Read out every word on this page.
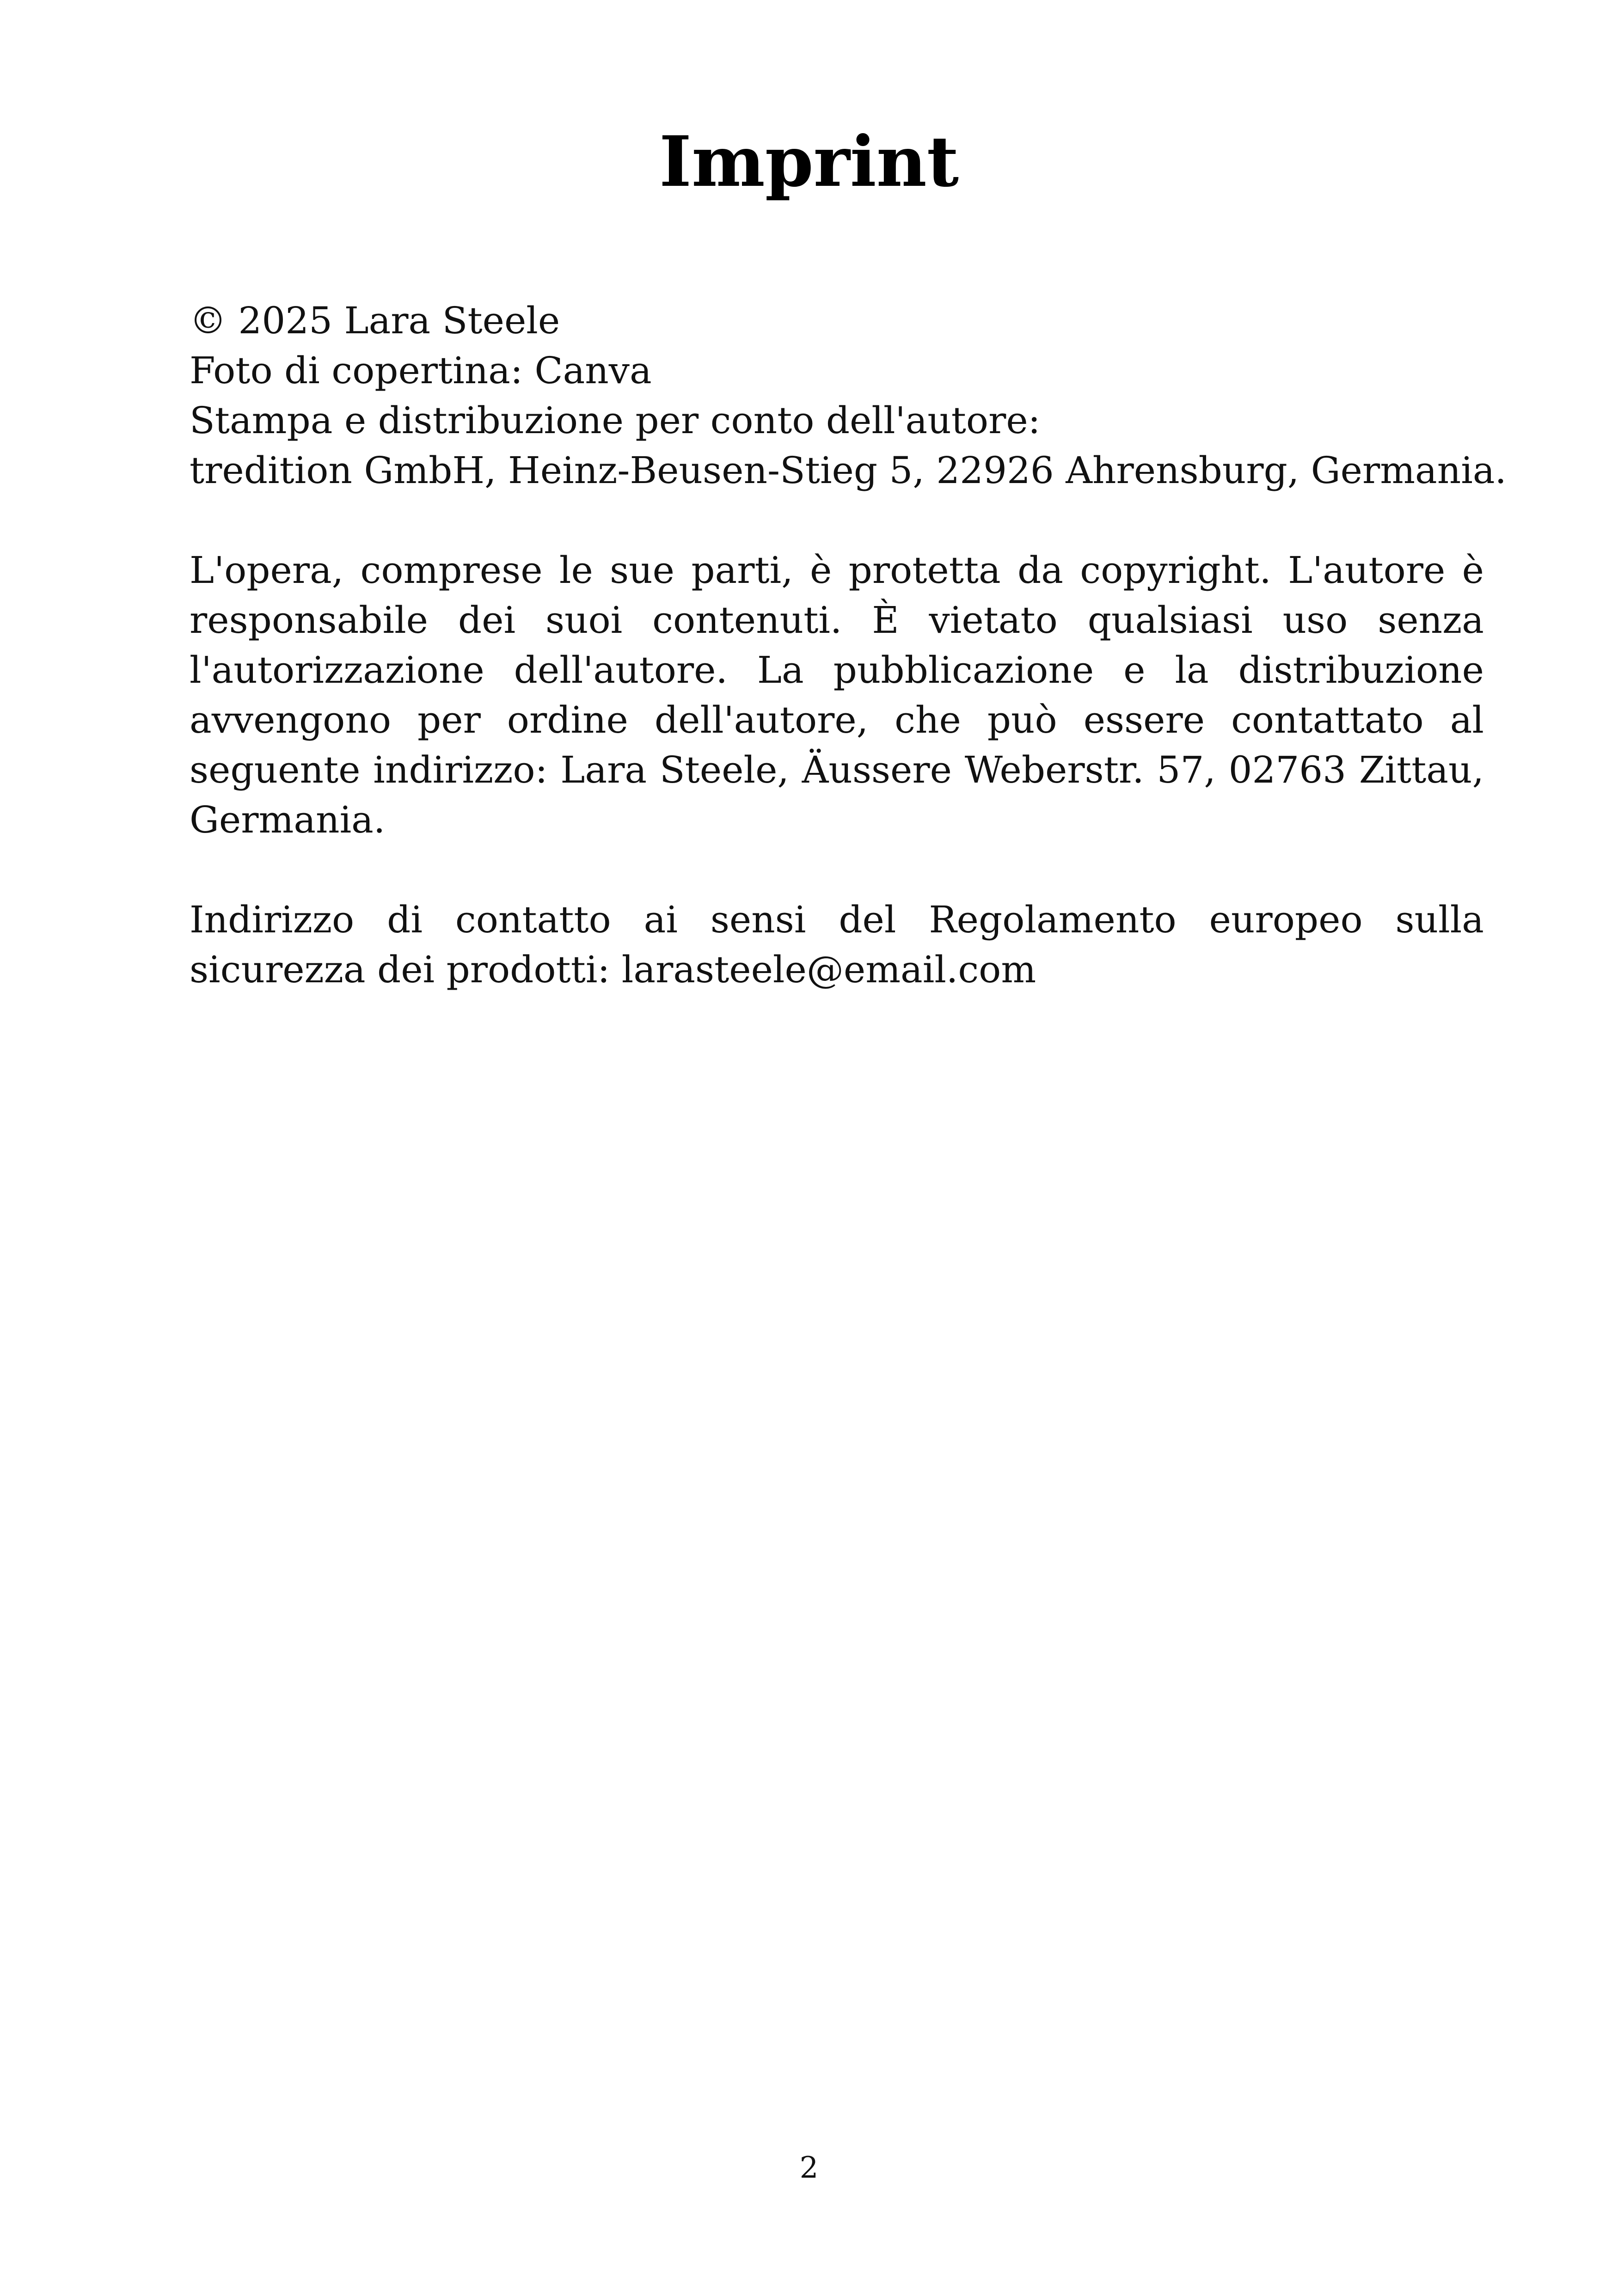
Imprint
© 2025 Lara Steele
Foto di copertina: Canva
Stampa e distribuzione per conto dell'autore:
tredition GmbH, Heinz-Beusen-Stieg 5, 22926 Ahrensburg, Germania.

L'opera, comprese le sue parti, è protetta da copyright. L'autore è responsabile dei suoi contenuti. È vietato qualsiasi uso senza l'autorizzazione dell'autore. La pubblicazione e la distribuzione avvengono per ordine dell'autore, che può essere contattato al seguente indirizzo: Lara Steele, Äussere Weberstr. 57, 02763 Zittau, Germania.

Indirizzo di contatto ai sensi del Regolamento europeo sulla sicurezza dei prodotti: larasteele@email.com

2
